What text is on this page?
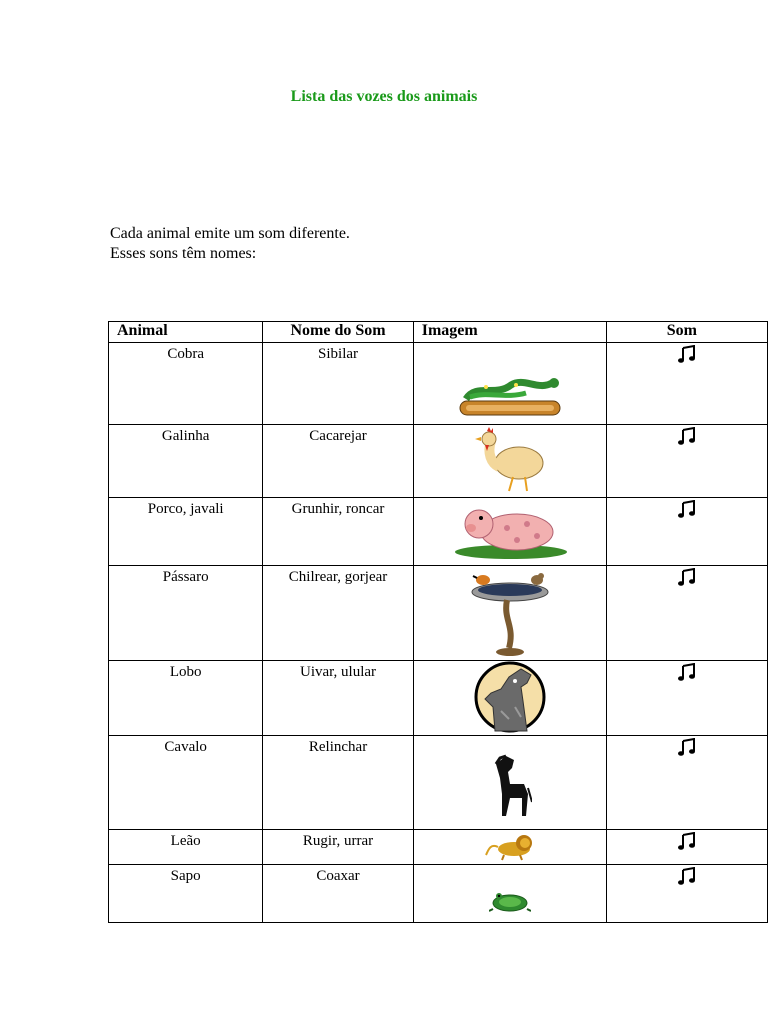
Lista das vozes dos animais
Cada animal emite um som diferente.
Esses sons têm nomes:
Animal	Nome do Som	Imagem	Som
Cobra	Sibilar	

Galinha	Cacarejar	

Porco, javali	Grunhir, roncar	

Pássaro	Chilrear, gorjear	

Lobo	Uivar, ulular	

Cavalo	Relinchar	

Leão	Rugir, urrar	

Sapo	Coaxar	
